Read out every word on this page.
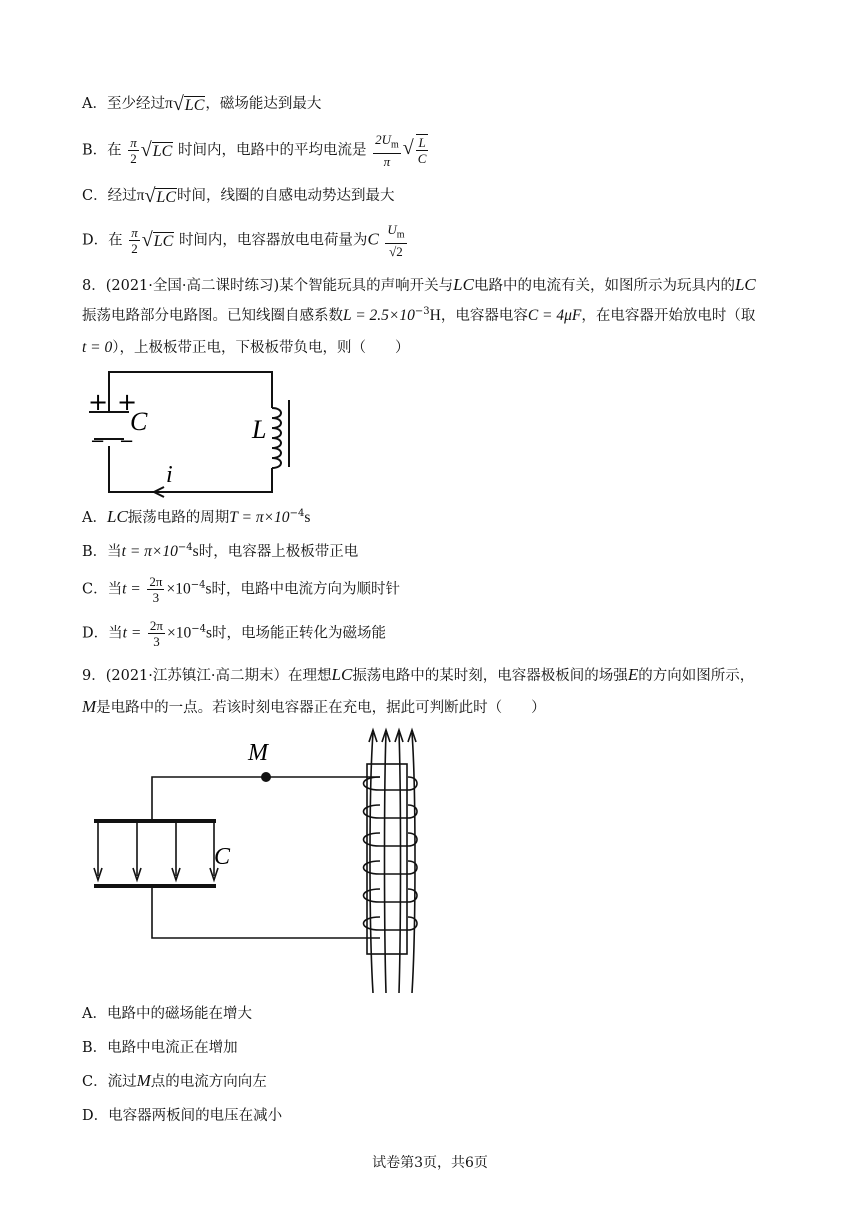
A．至少经过π√LC，磁场能达到最大
B．在 $\frac{\pi}{2} √LC$ 时间内，电路中的平均电流是 $\frac{2U_m}{\pi}$ √ $\frac{L}{C}$
C．经过π√LC时间，线圈的自感电动势达到最大
D．在 $\frac{\pi}{2} √LC$ 时间内，电容器放电电荷量为C $\frac{U_m}{√2}$
8．(2021·全国·高二课时练习)某个智能玩具的声响开关与LC电路中的电流有关，如图所示为玩具内的LC
振荡电路部分电路图。已知线圈自感系数$L = 2.5\times 10^{-3}H$，电容器电容C = 4μF，在电容器开始放电时（取
t = 0），上极板带正电，下极板带负电，则（　　）
+ +
− −
C	L
i
A．LC振荡电路的周期$T = \pi\times 10^{-4}s$
B．当$t = \pi\times 10^{-4}s$时，电容器上极板带正电
C．当$t = \frac{2\pi}{3} \times 10^{-4}s$时，电路中电流方向为顺时针
D．当$t = \frac{2\pi}{3} \times 10^{-4}s$时，电场能正转化为磁场能
9．(2021·江苏镇江·高二期末）在理想LC振荡电路中的某时刻，电容器极板间的场强E的方向如图所示，
M是电路中的一点。若该时刻电容器正在充电，据此可判断此时（　　）
M
C
A．电路中的磁场能在增大
B．电路中电流正在增加
C．流过M点的电流方向向左
D．电容器两板间的电压在减小
试卷第3页，共6页
